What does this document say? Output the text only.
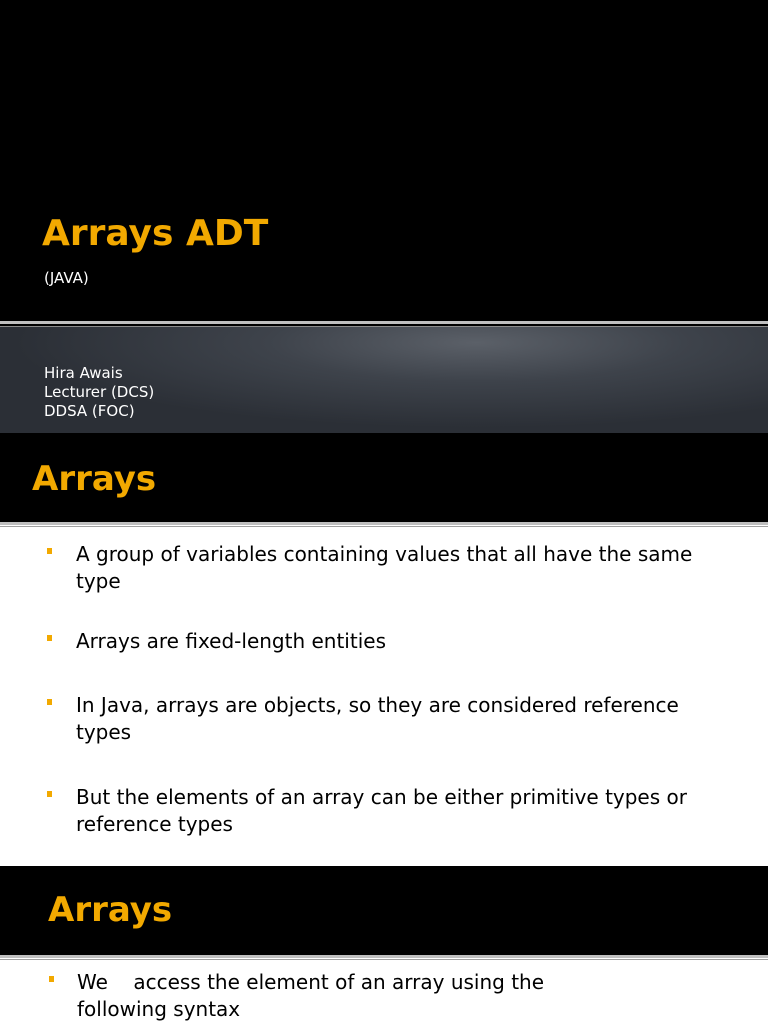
Arrays ADT
(JAVA)
Hira Awais
Lecturer (DCS)
DDSA (FOC)
Arrays
A group of variables containing values that all have the same type
Arrays are fixed-length entities
In Java, arrays are objects, so they are considered reference types
But the elements of an array can be either primitive types or reference types
Arrays
We    access the element of an array using the following syntax
